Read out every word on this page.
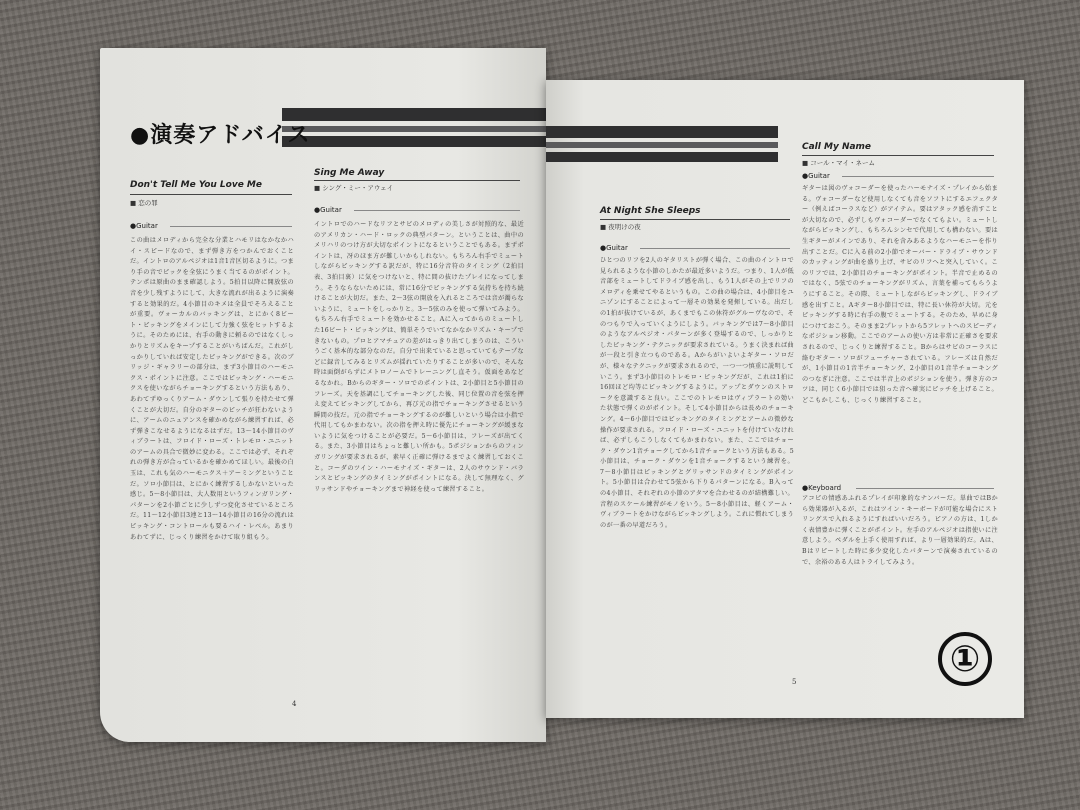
●演奏アドバイス
Don't Tell Me You Love Me
■ 恋の罪
●Guitar
この曲はメロディから完全な分業とハモリはなかなかハイ・スピードなので、まず弾き方をつかんでおくことだ。イントロのアルペジオは1音1音区切るように。つまり手の音でピックを全弦にうまく当てるのがポイント。テンポは原曲のまま確認しよう。5拍目以降に開放弦の音を少し残すようにして、大きな流れが出るように演奏すると効果的だ。4小節目のキメは全員でそろえることが重要。ヴォーカルのバッキングは、とにかく8ビート・ピッキングをメインにして力強く弦をヒットするように。そのためには、右手の動きに頼るのではなくしっかりとリズムをキープすることがいちばんだ。これがしっかりしていれば安定したピッキングができる。次のブリッジ・ギャラリーの部分は、まず3小節目のハーモニクス・ポイントに注意。ここではピッキング・ハーモニクスを使いながらチョーキングするという方法もあり、あわてずゆっくりアーム・ダウンして張りを持たせて弾くことが大切だ。自分のギターのピッチが狂わないように、アームのニュアンスを確かめながら練習すれば、必ず弾きこなせるようになるはずだ。13〜14小節目のヴィブラートは、フロイド・ローズ・トレモロ・ユニットのアームの具合で微妙に変わる。ここでは必ず、それぞれの弾き方が合っているかを確かめてほしい。最後の白玉は、これも気のハーモニクス＋アーミングということだ。ソロ小節目は、とにかく練習するしかないといった感じ。5〜8小節目は、大人数用というフィンガリング・パターンを2小節ごとに少しずつ変化させているところだ。11〜12小節目3連と13〜14小節目の16分の流れはピッキング・コントロールも要るハイ・レベル。あまりあわてずに、じっくり練習をかけて取り組もう。
Sing Me Away
■ シング・ミー・アウェイ
●Guitar
イントロでのハードなリフとサビのメロディの美しさが対照的な、最近のアメリカン・ハード・ロックの典型パターン。ということは、曲中のメリハリのつけ方が大切なポイントになるということでもある。まずポイントは、冴のほま方が難しいかもしれない。もちろん右手でミュートしながらピッキングする訳だが、特に16分音符のタイミング（2拍目表、3拍目裏）に気をつけないと、特に間の抜けたプレイになってしまう。そうならないためには、常に16分でピッキングする気持ちを持ち続けることが大切だ。また、2〜3弦の開放を入れるところでは音が濁らないように、ミュートをしっかりと。3〜5弦のみを使って弾いてみよう。もちろん右手でミュートを効かせること。Aに入ってからのミュートした16ビート・ピッキングは、簡単そうでいてなかなかリズム・キープできないもの。プロとアマチュアの差がはっきり出てしまうのは、こういうごく基本的な部分なのだ。自分で出来ていると思っていてもテープなどに録音してみるとリズムが揺れていたりすることが多いので、そんな時は面倒がらずにメトロノームでトレーニングし直そう。仮面をあなどるなかれ。Bからのギター・ソロでのポイントは、2小節目と5小節目のフレーズ。天を基調にしてチョーキングした後、同じ位置の音を弦を押え変えてピッキングしてから、再び元の指でチョーキングさせるという瞬間の技だ。元の指でチョーキングするのが難しいという場合は小指で代用してもかまわない。次の指を押え時に優先にチョーキングが緩まないように気をつけることが必要だ。5〜6小節目は、フレーズが出てくる。また、3小節目はちょっと難しい所かも。5ポジションからのフィンガリングが要求されるが、素早く正確に弾けるまでよく練習しておくこと。コーダのツイン・ハーモナイズ・ギターは、2人のサウンド・バランスとピッキングのタイミングがポイントになる。決して無理なく、グリッサンドやチョーキングまで神経を使って練習すること。
4
At Night She Sleeps
■ 夜明けの夜
●Guitar
ひとつのリフを2人のギタリストが弾く場合、この曲のイントロで見られるような小節のしかたが最近多いようだ。つまり、1人が低音部をミュートしてドライブ感を出し、もう1人がその上でリフのメロディを乗せてやるというもの。この曲の場合は、4小節目をユニゾンにすることによって一層その効果を発揮している。出だしの1拍が抜けているが、あくまでもこの休符がグルーヴなので、そのつもりで入っていくようにしよう。バッキングでは7〜8小節目のようなアルペジオ・パターンが多く登場するので、しっかりとしたピッキング・テクニックが要求されている。うまく決まれば曲が一段と引き立つものである。Aからがいよいよギター・ソロだが、様々なテクニックが要求されるので、一つ一つ慎重に説明していこう。まず3小節目のトレモロ・ピッキングだが、これは1拍に16回ほど均等にピッキングするように。アップとダウンのストロークを意識すると良い。ここでのトレモロはヴィブラートの効いた状態で弾くのがポイント。そして4小節目からは長めのチョーキング。4〜6小節目ではピッキングのタイミングとアームの微妙な操作が要求される。フロイド・ローズ・ユニットを付けていなければ、必ずしもこうしなくてもかまわない。また、ここではチョーク・ダウン1音チョークしてから1音チョークという方法もある。5小節目は、チョーク・ダウンを1音チョークするという練習を。7〜8小節目はピッキングとグリッサンドのタイミングがポイント。5小節目は合わせて5弦から下りるパターンになる。B入っての4小節目、それぞれの小節のアタマを合わせるのが結構難しい。音程のスケール練習がモノをいう。5〜8小節目は、軽くアーム・ヴィブラートをかけながらピッキングしよう。これに慣れてしまうのが一番の早道だろう。
Call My Name
■ コール・マイ・ネーム
●Guitar
ギターは図のヴォコーダーを使ったハーモナイズ・プレイから始まる。ヴォコーダーなど使用しなくても音をソフトにするエフェクター（例えばコーラスなど）がアイテム。要はアタック感を消すことが大切なので、必ずしもヴォコーダーでなくてもよい。ミュートしながらピッキングし、もちろんシンセで代用しても構わない。要は生ギターがメインであり、それを含みあるようなハーモニーを作り出すことだ。Cに入る前の2小節でオーバー・ドライブ・サウンドのカッティングが曲を盛り上げ、サビのリフへと突入していく。このリフでは、2小節目のチョーキングがポイント。半音で止めるのではなく、5弦でのチョーキングがリズム、言葉を補ってもらうようにすること。その際、ミュートしながらピッキングし、ドライブ感を出すこと。Aギター8小節目では、特に長い休符が大切。元をピッキングする時に右手の腹でミュートする。そのため、早めに身につけておこう。そのまま2プレットから5フレットへのスピーディなポジション移動。ここでのアームの使い方は非常に正確さを要求されるので、じっくりと練習すること。Bからはサビのコーラスに絡むギター・ソロがフューチャーされている。フレーズは自然だが、1小節目の1音半チョーキング、2小節目の1音半チョーキングのつなぎに注意。ここでは半音上のポジションを使う。弾き方のコツは、同じく6小節目では狙った音へ確実にピッチを上げること。どこもかしこも、じっくり練習すること。
●Keyboard
アコピの情感あふれるプレイが印象的なナンバーだ。単曲ではBから効果器が入るが、これはツイン・キーボードが可能な場合にストリングスで入れるようにすればいいだろう。ピアノの方は、1しかく表情豊かに弾くことがポイント。左手のアルペジオは指使いに注意しよう。ペダルを上手く使用すれば、より一層効果的だ。Aは、Bはリピートした時に多少変化したパターンで演奏されているので、余裕のある人はトライしてみよう。
①
5
